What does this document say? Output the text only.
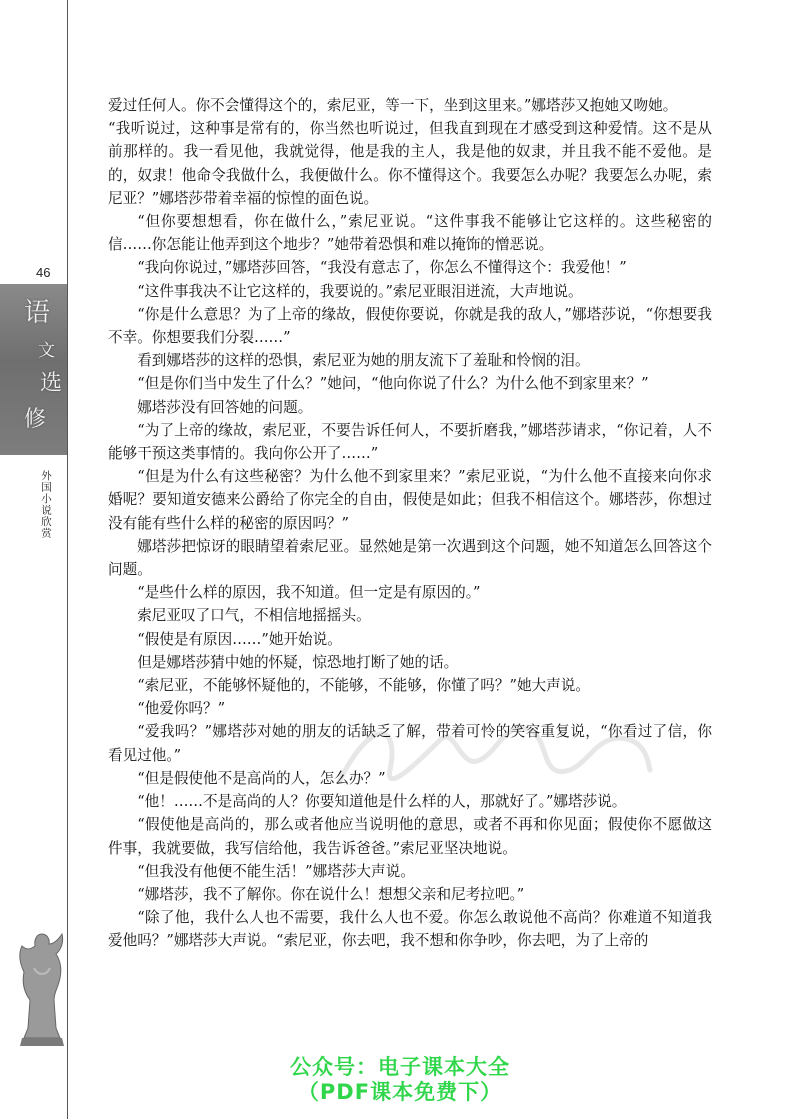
46
语
文
选
修
外国小说欣赏

爱过任何人。你不会懂得这个的，索尼亚，等一下，坐到这里来。”娜塔莎又抱她又吻她。

“我听说过，这种事是常有的，你当然也听说过，但我直到现在才感受到这种爱情。这不是从前那样的。我一看见他，我就觉得，他是我的主人，我是他的奴隶，并且我不能不爱他。是的，奴隶！他命令我做什么，我便做什么。你不懂得这个。我要怎么办呢？我要怎么办呢，索尼亚？”娜塔莎带着幸福的惊惶的面色说。

“但你要想想看，你在做什么，”索尼亚说。“这件事我不能够让它这样的。这些秘密的信……你怎能让他弄到这个地步？”她带着恐惧和难以掩饰的憎恶说。

“我向你说过，”娜塔莎回答，“我没有意志了，你怎么不懂得这个：我爱他！”

“这件事我决不让它这样的，我要说的。”索尼亚眼泪迸流，大声地说。

“你是什么意思？为了上帝的缘故，假使你要说，你就是我的敌人，”娜塔莎说，“你想要我不幸。你想要我们分裂……”

看到娜塔莎的这样的恐惧，索尼亚为她的朋友流下了羞耻和怜悯的泪。

“但是你们当中发生了什么？”她问，“他向你说了什么？为什么他不到家里来？”

娜塔莎没有回答她的问题。

“为了上帝的缘故，索尼亚，不要告诉任何人，不要折磨我，”娜塔莎请求，“你记着，人不能够干预这类事情的。我向你公开了……”

“但是为什么有这些秘密？为什么他不到家里来？”索尼亚说，“为什么他不直接来向你求婚呢？要知道安德来公爵给了你完全的自由，假使是如此；但我不相信这个。娜塔莎，你想过没有能有些什么样的秘密的原因吗？”

娜塔莎把惊讶的眼睛望着索尼亚。显然她是第一次遇到这个问题，她不知道怎么回答这个问题。

“是些什么样的原因，我不知道。但一定是有原因的。”

索尼亚叹了口气，不相信地摇摇头。

“假使是有原因……”她开始说。

但是娜塔莎猜中她的怀疑，惊恐地打断了她的话。

“索尼亚，不能够怀疑他的，不能够，不能够，你懂了吗？”她大声说。

“他爱你吗？”

“爱我吗？”娜塔莎对她的朋友的话缺乏了解，带着可怜的笑容重复说，“你看过了信，你看见过他。”

“但是假使他不是高尚的人，怎么办？”

“他！……不是高尚的人？你要知道他是什么样的人，那就好了。”娜塔莎说。

“假使他是高尚的，那么或者他应当说明他的意思，或者不再和你见面；假使你不愿做这件事，我就要做，我写信给他，我告诉爸爸。”索尼亚坚决地说。

“但我没有他便不能生活！”娜塔莎大声说。

“娜塔莎，我不了解你。你在说什么！想想父亲和尼考拉吧。”

“除了他，我什么人也不需要，我什么人也不爱。你怎么敢说他不高尚？你难道不知道我爱他吗？”娜塔莎大声说。“索尼亚，你去吧，我不想和你争吵，你去吧，为了上帝的

公众号：电子课本大全
（PDF课本免费下）
